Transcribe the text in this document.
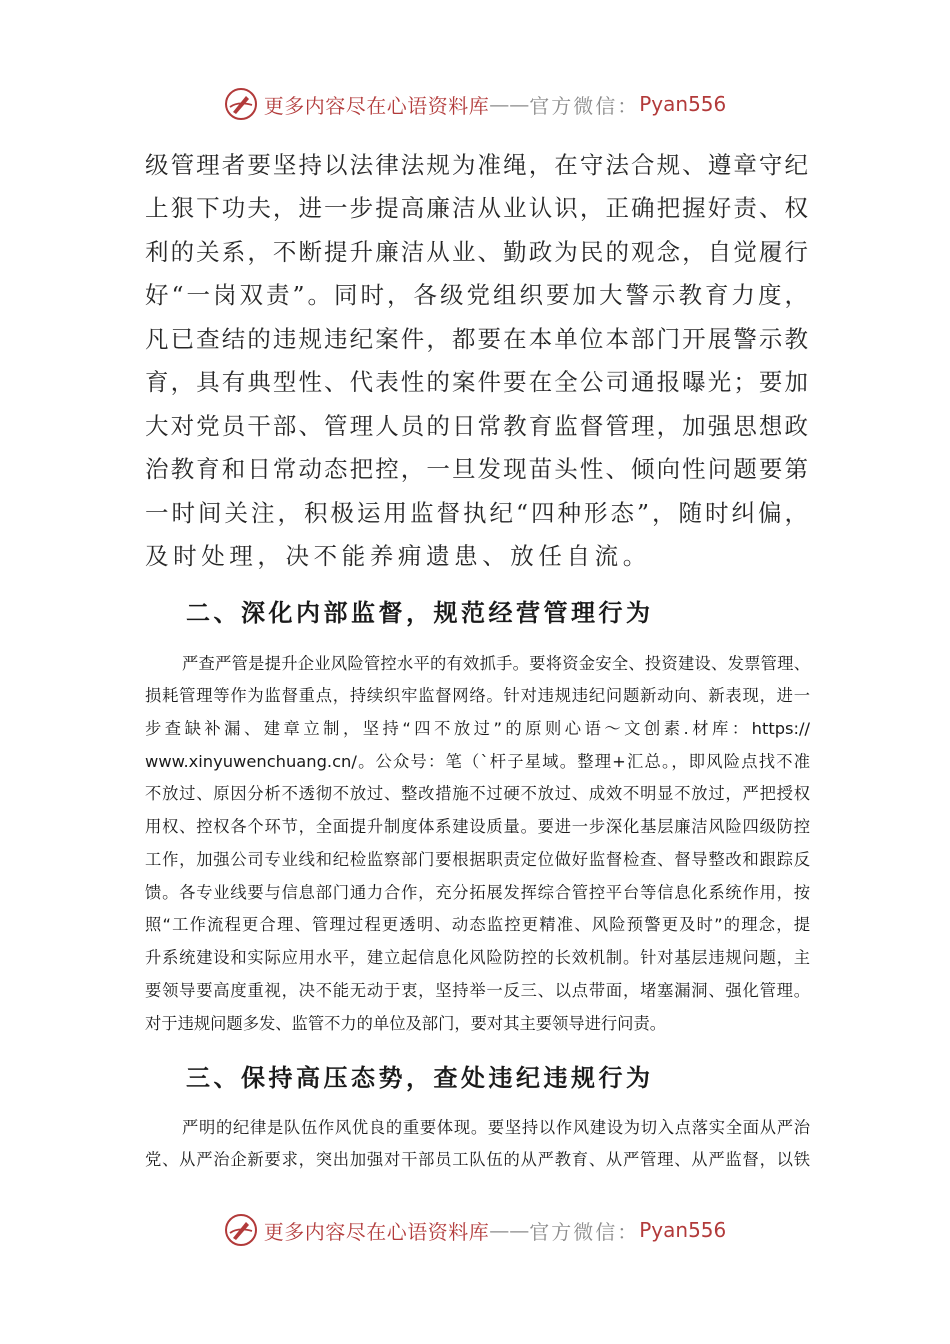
更多内容尽在心语资料库 —— 官方微信： Pyan556
级管理者要坚持以法律法规为准绳，在守法合规、遵章守纪
上狠下功夫，进一步提高廉洁从业认识，正确把握好责、权
利的关系，不断提升廉洁从业、勤政为民的观念，自觉履行
好“一岗双责”。同时，各级党组织要加大警示教育力度，
凡已查结的违规违纪案件，都要在本单位本部门开展警示教
育，具有典型性、代表性的案件要在全公司通报曝光；要加
大对党员干部、管理人员的日常教育监督管理，加强思想政
治教育和日常动态把控，一旦发现苗头性、倾向性问题要第
一时间关注，积极运用监督执纪“四种形态”，随时纠偏，
及时处理，决不能养痈遗患、放任自流。
二、深化内部监督，规范经营管理行为
严查严管是提升企业风险管控水平的有效抓手。要将资金安全、投资建设、发票管理、
损耗管理等作为监督重点，持续织牢监督网络。针对违规违纪问题新动向、新表现，进一
步查缺补漏、建章立制，坚持“四不放过”的原则心语～文创素.材库：https://
www.xinyuwenchuang.cn/。公众号：笔（`杆子星域。整理+汇总。，即风险点找不准
不放过、原因分析不透彻不放过、整改措施不过硬不放过、成效不明显不放过，严把授权
用权、控权各个环节，全面提升制度体系建设质量。要进一步深化基层廉洁风险四级防控
工作，加强公司专业线和纪检监察部门要根据职责定位做好监督检查、督导整改和跟踪反
馈。各专业线要与信息部门通力合作，充分拓展发挥综合管控平台等信息化系统作用，按
照“工作流程更合理、管理过程更透明、动态监控更精准、风险预警更及时”的理念，提
升系统建设和实际应用水平，建立起信息化风险防控的长效机制。针对基层违规问题，主
要领导要高度重视，决不能无动于衷，坚持举一反三、以点带面，堵塞漏洞、强化管理。
对于违规问题多发、监管不力的单位及部门，要对其主要领导进行问责。
三、保持高压态势，查处违纪违规行为
严明的纪律是队伍作风优良的重要体现。要坚持以作风建设为切入点落实全面从严治
党、从严治企新要求，突出加强对干部员工队伍的从严教育、从严管理、从严监督，以铁
更多内容尽在心语资料库 —— 官方微信： Pyan556
